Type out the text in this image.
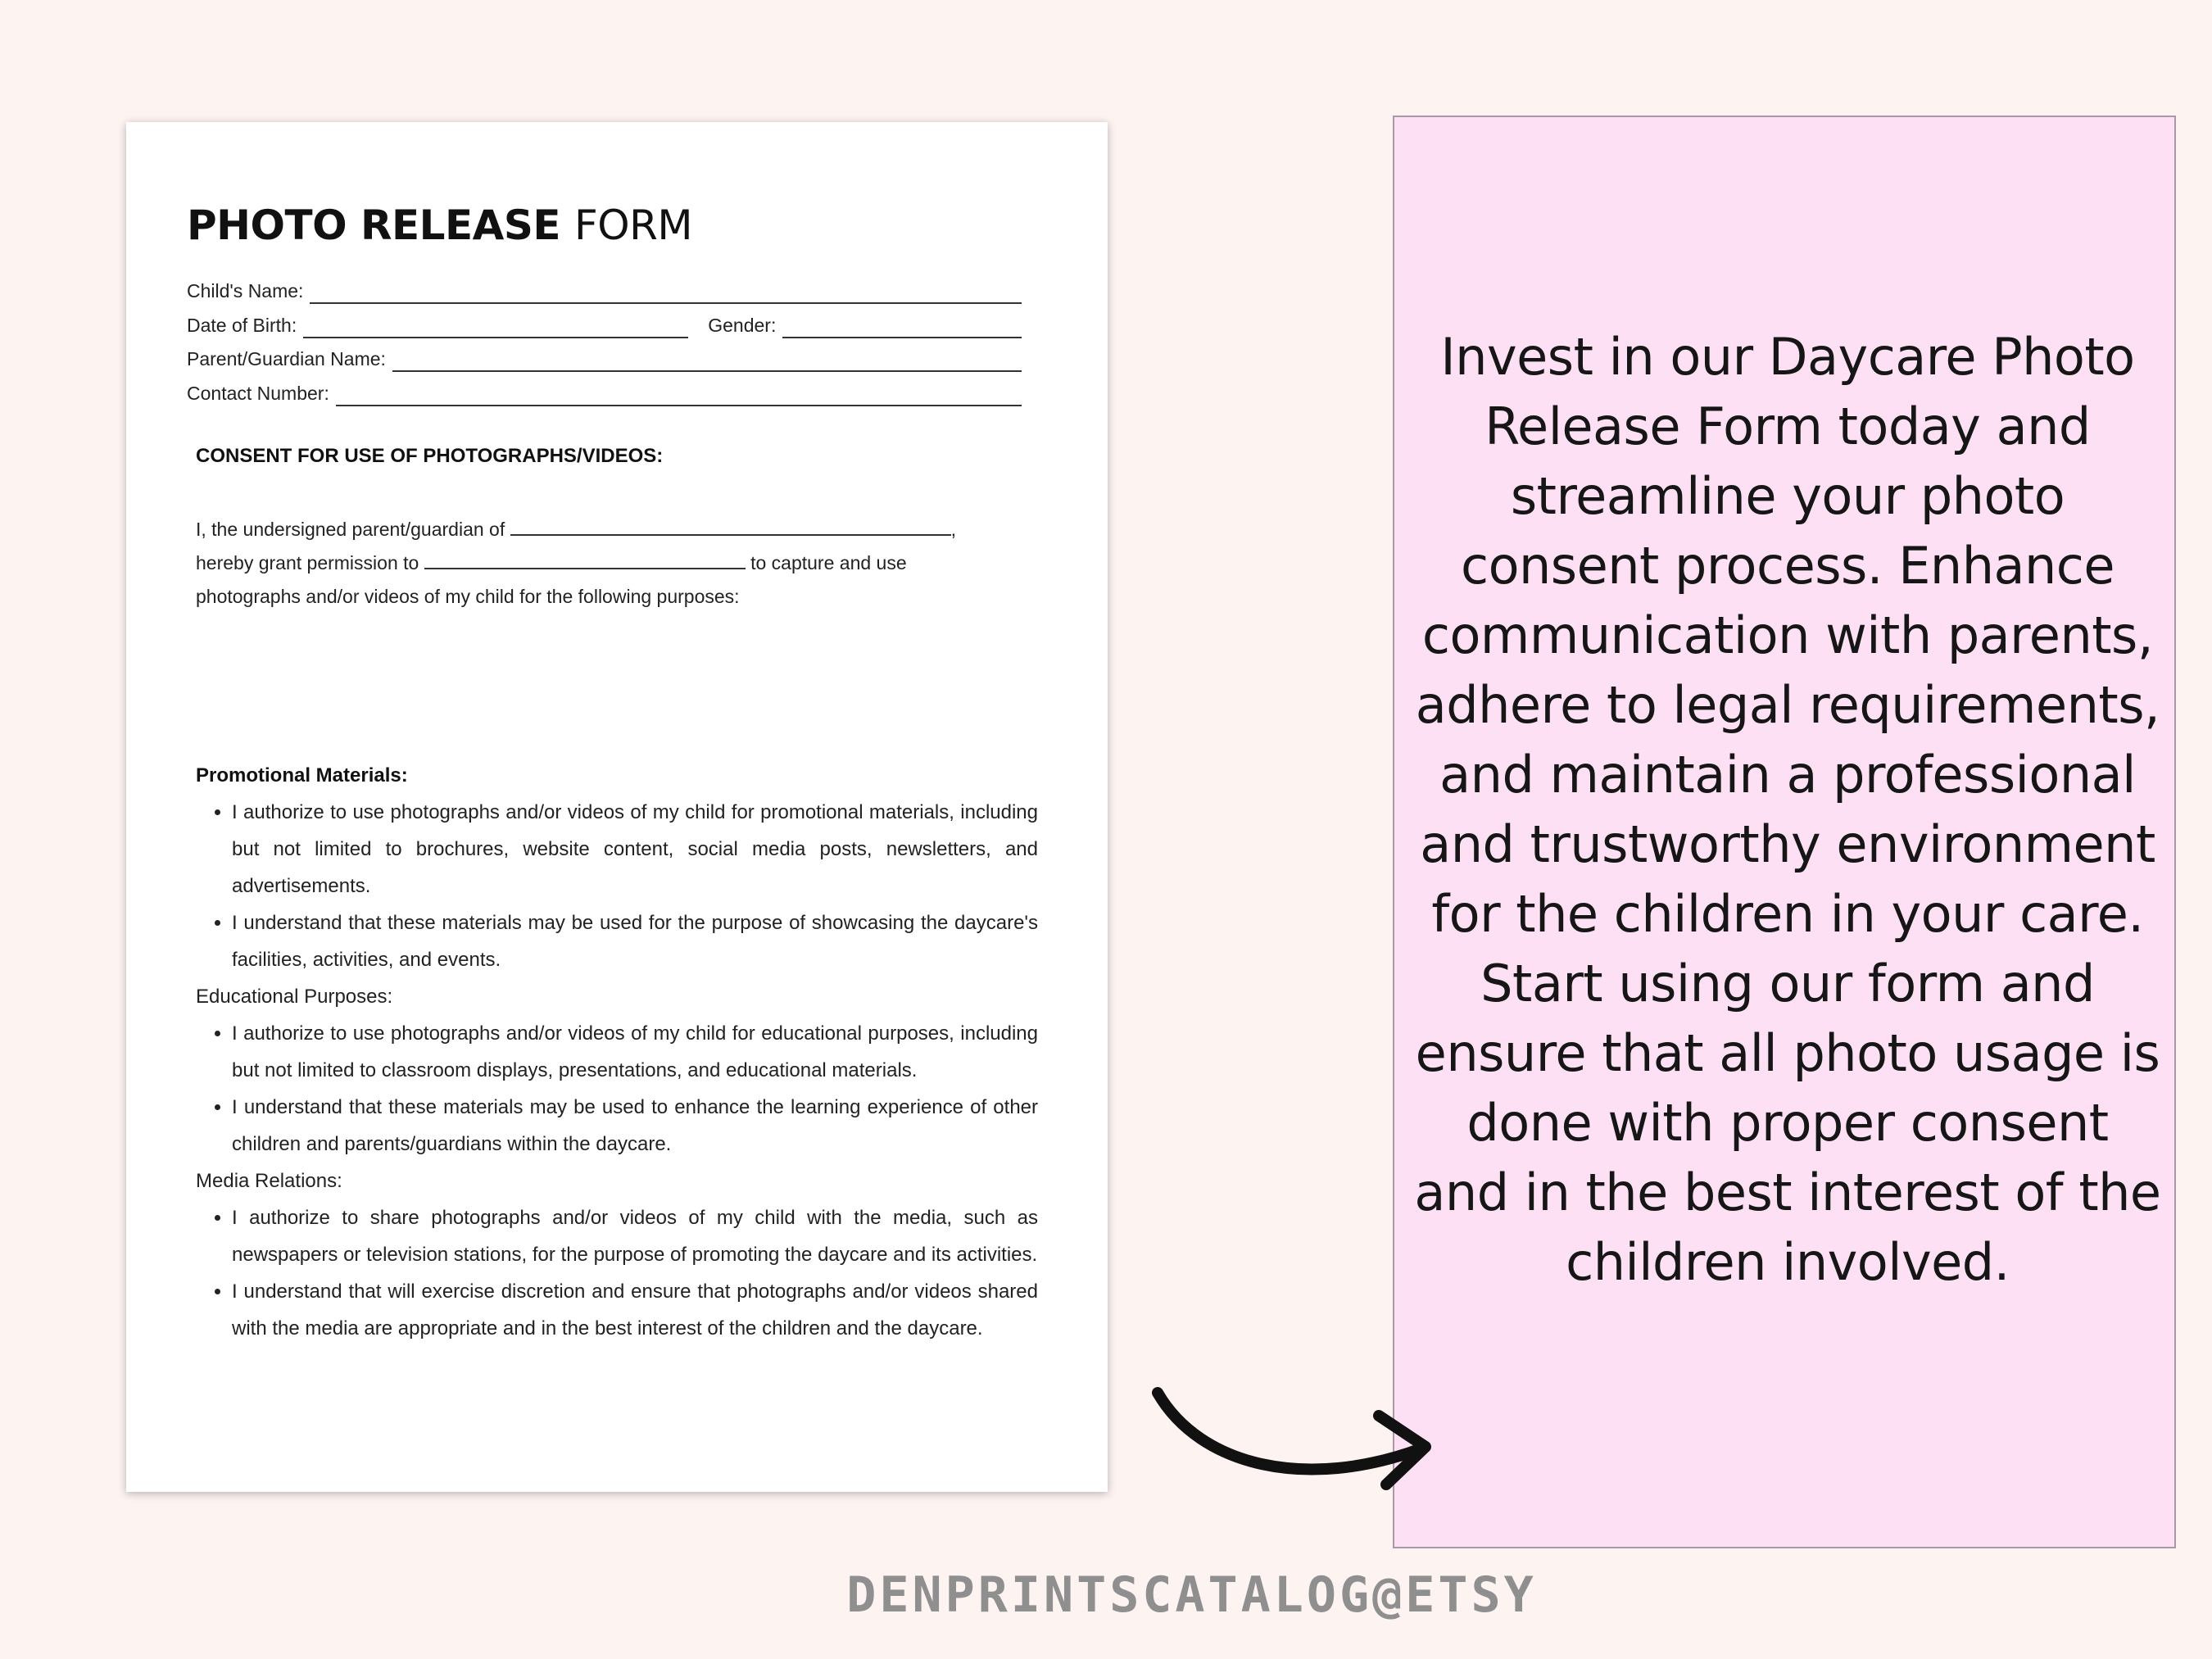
PHOTO RELEASE FORM
Child's Name:
Date of Birth:	Gender:
Parent/Guardian Name:
Contact Number:
CONSENT FOR USE OF PHOTOGRAPHS/VIDEOS:
I, the undersigned parent/guardian of	,
hereby grant permission to	to capture and use
photographs and/or videos of my child for the following purposes:

Promotional Materials:

• I authorize to use photographs and/or videos of my child for promotional materials, including but not limited to brochures, website content, social media posts, newsletters, and advertisements.
• I understand that these materials may be used for the purpose of showcasing the daycare's facilities, activities, and events.

Educational Purposes:

• I authorize to use photographs and/or videos of my child for educational purposes, including but not limited to classroom displays, presentations, and educational materials.
• I understand that these materials may be used to enhance the learning experience of other children and parents/guardians within the daycare.

Media Relations:

• I authorize to share photographs and/or videos of my child with the media, such as newspapers or television stations, for the purpose of promoting the daycare and its activities.
• I understand that will exercise discretion and ensure that photographs and/or videos shared with the media are appropriate and in the best interest of the children and the daycare.
Invest in our Daycare Photo Release Form today and streamline your photo consent process. Enhance communication with parents, adhere to legal requirements, and maintain a professional and trustworthy environment for the children in your care. Start using our form and ensure that all photo usage is done with proper consent and in the best interest of the children involved.
DENPRINTSCATALOG@ETSY
